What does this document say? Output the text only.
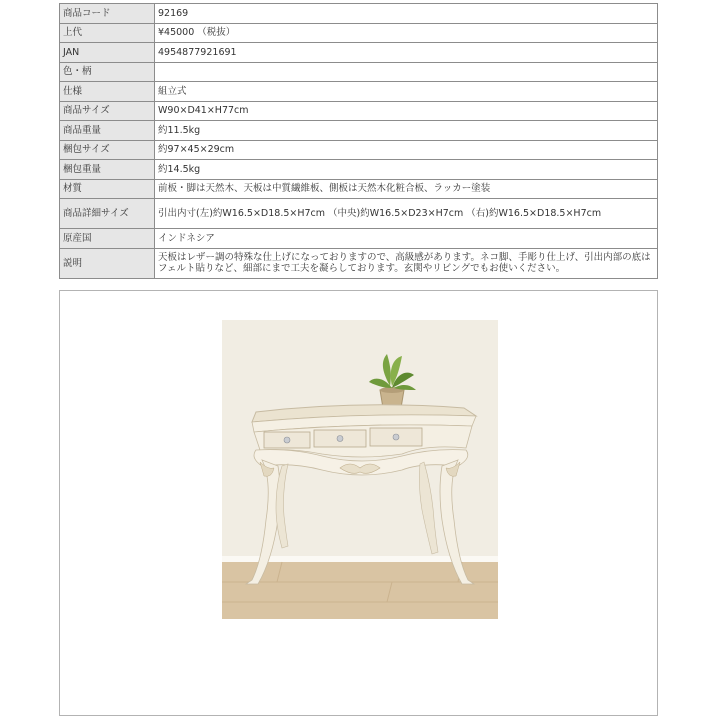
商品コード	92169
上代	¥45000 （税抜）
JAN	4954877921691
色・柄	
仕様	組立式
商品サイズ	W90×D41×H77cm
商品重量	約11.5kg
梱包サイズ	約97×45×29cm
梱包重量	約14.5kg
材質	前板・脚は天然木、天板は中質繊維板、側板は天然木化粧合板、ラッカー塗装
商品詳細サイズ	引出内寸(左)約W16.5×D18.5×H7cm （中央)約W16.5×D23×H7cm （右)約W16.5×D18.5×H7cm
原産国	インドネシア
説明	天板はレザー調の特殊な仕上げになっておりますので、高級感があります。ネコ脚、手彫り仕上げ、引出内部の底はフェルト貼りなど、細部にまで工夫を凝らしております。玄関やリビングでもお使いください。
